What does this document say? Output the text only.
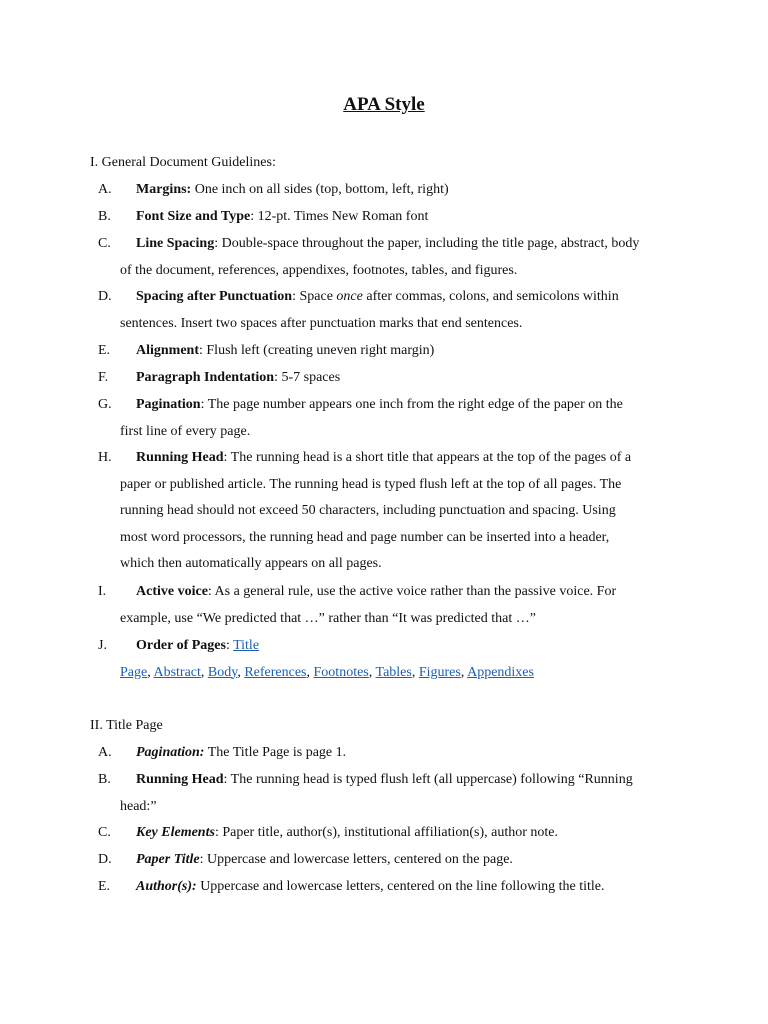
APA Style
I. General Document Guidelines:
A. Margins: One inch on all sides (top, bottom, left, right)
B. Font Size and Type: 12-pt. Times New Roman font
C. Line Spacing: Double-space throughout the paper, including the title page, abstract, body
of the document, references, appendixes, footnotes, tables, and figures.
D. Spacing after Punctuation: Space once after commas, colons, and semicolons within
sentences. Insert two spaces after punctuation marks that end sentences.
E. Alignment: Flush left (creating uneven right margin)
F. Paragraph Indentation: 5-7 spaces
G. Pagination: The page number appears one inch from the right edge of the paper on the
first line of every page.
H. Running Head: The running head is a short title that appears at the top of the pages of a
paper or published article. The running head is typed flush left at the top of all pages. The
running head should not exceed 50 characters, including punctuation and spacing. Using
most word processors, the running head and page number can be inserted into a header,
which then automatically appears on all pages.
I. Active voice: As a general rule, use the active voice rather than the passive voice. For
example, use “We predicted that …” rather than “It was predicted that …”
J. Order of Pages: Title
Page, Abstract, Body, References, Footnotes, Tables, Figures, Appendixes
II. Title Page
A. Pagination: The Title Page is page 1.
B. Running Head: The running head is typed flush left (all uppercase) following “Running
head:”
C. Key Elements: Paper title, author(s), institutional affiliation(s), author note.
D. Paper Title: Uppercase and lowercase letters, centered on the page.
E. Author(s): Uppercase and lowercase letters, centered on the line following the title.
